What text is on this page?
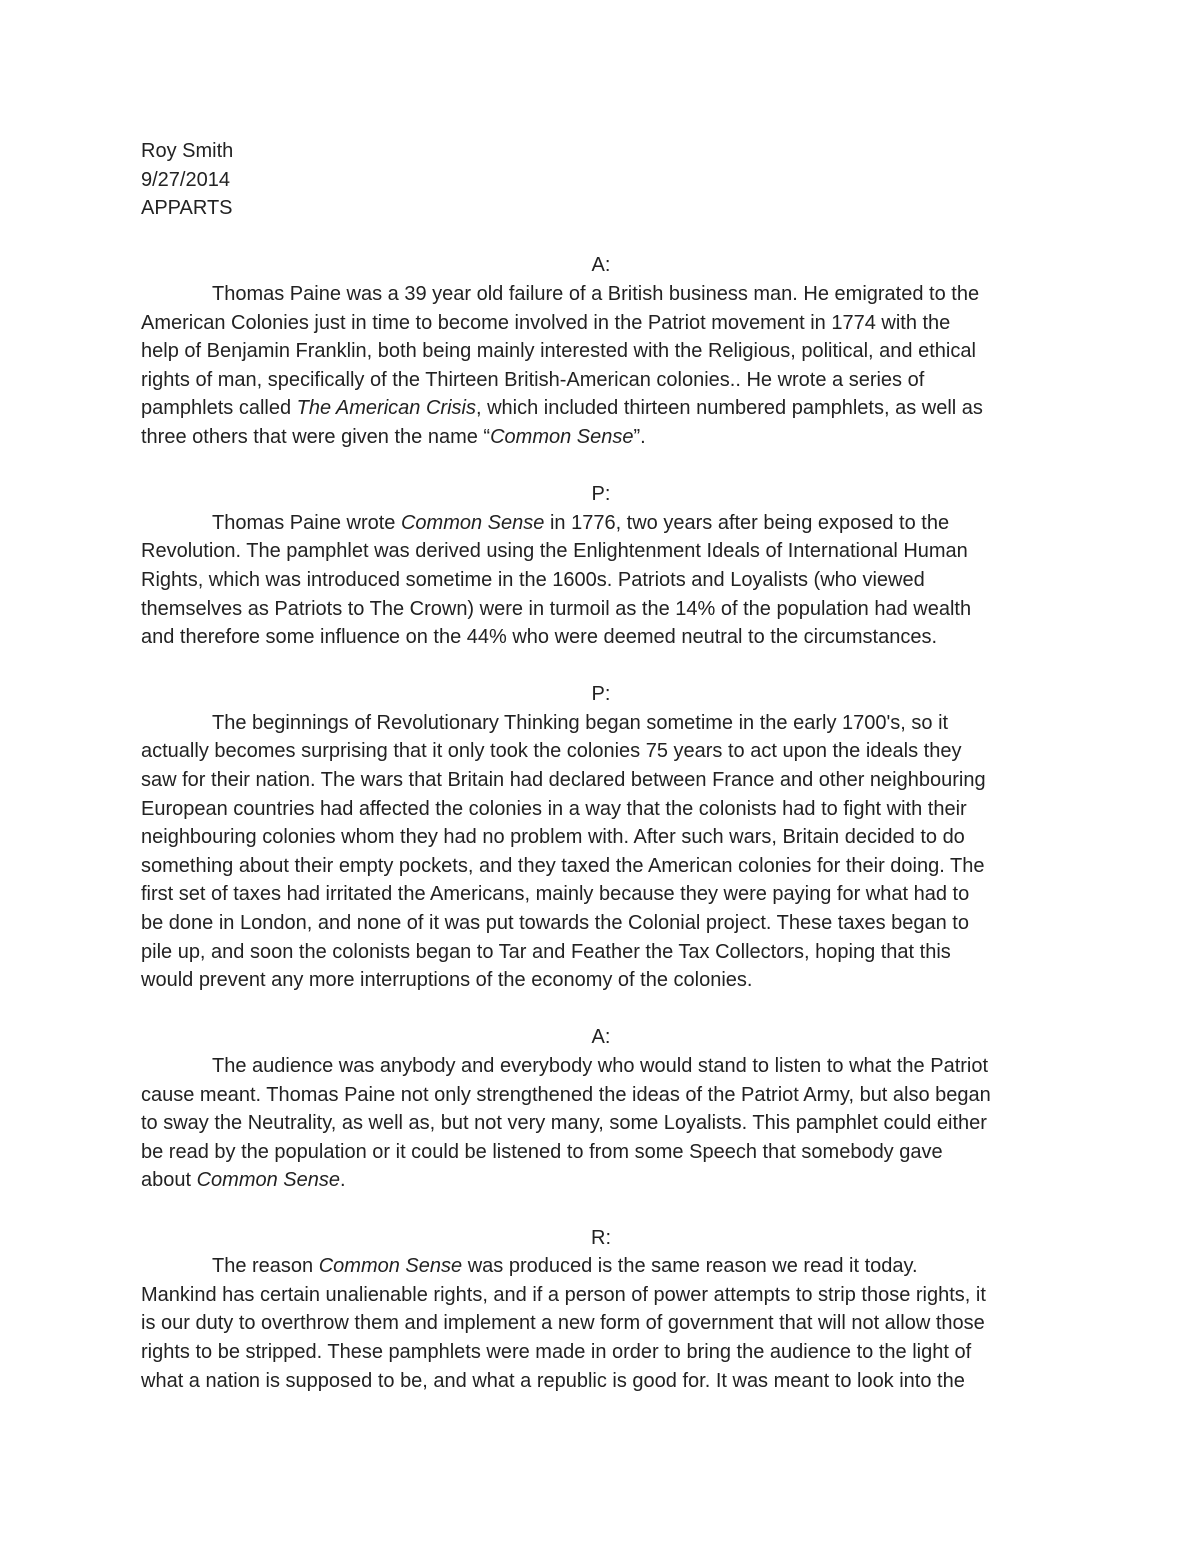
Roy Smith
9/27/2014
APPARTS
A:
Thomas Paine was a 39 year old failure of a British business man. He emigrated to the
American Colonies just in time to become involved in the Patriot movement in 1774 with the
help of Benjamin Franklin, both being mainly interested with the Religious, political, and ethical
rights of man, specifically of the Thirteen British-American colonies.. He wrote a series of
pamphlets called The American Crisis, which included thirteen numbered pamphlets, as well as
three others that were given the name “Common Sense”.
P:
Thomas Paine wrote Common Sense in 1776, two years after being exposed to the
Revolution. The pamphlet was derived using the Enlightenment Ideals of International Human
Rights, which was introduced sometime in the 1600s. Patriots and Loyalists (who viewed
themselves as Patriots to The Crown) were in turmoil as the 14% of the population had wealth
and therefore some influence on the 44% who were deemed neutral to the circumstances.
P:
The beginnings of Revolutionary Thinking began sometime in the early 1700's, so it
actually becomes surprising that it only took the colonies 75 years to act upon the ideals they
saw for their nation. The wars that Britain had declared between France and other neighbouring
European countries had affected the colonies in a way that the colonists had to fight with their
neighbouring colonies whom they had no problem with. After such wars, Britain decided to do
something about their empty pockets, and they taxed the American colonies for their doing. The
first set of taxes had irritated the Americans, mainly because they were paying for what had to
be done in London, and none of it was put towards the Colonial project. These taxes began to
pile up, and soon the colonists began to Tar and Feather the Tax Collectors, hoping that this
would prevent any more interruptions of the economy of the colonies.
A:
The audience was anybody and everybody who would stand to listen to what the Patriot
cause meant. Thomas Paine not only strengthened the ideas of the Patriot Army, but also began
to sway the Neutrality, as well as, but not very many, some Loyalists. This pamphlet could either
be read by the population or it could be listened to from some Speech that somebody gave
about Common Sense.
R:
The reason Common Sense was produced is the same reason we read it today.
Mankind has certain unalienable rights, and if a person of power attempts to strip those rights, it
is our duty to overthrow them and implement a new form of government that will not allow those
rights to be stripped. These pamphlets were made in order to bring the audience to the light of
what a nation is supposed to be, and what a republic is good for. It was meant to look into the
